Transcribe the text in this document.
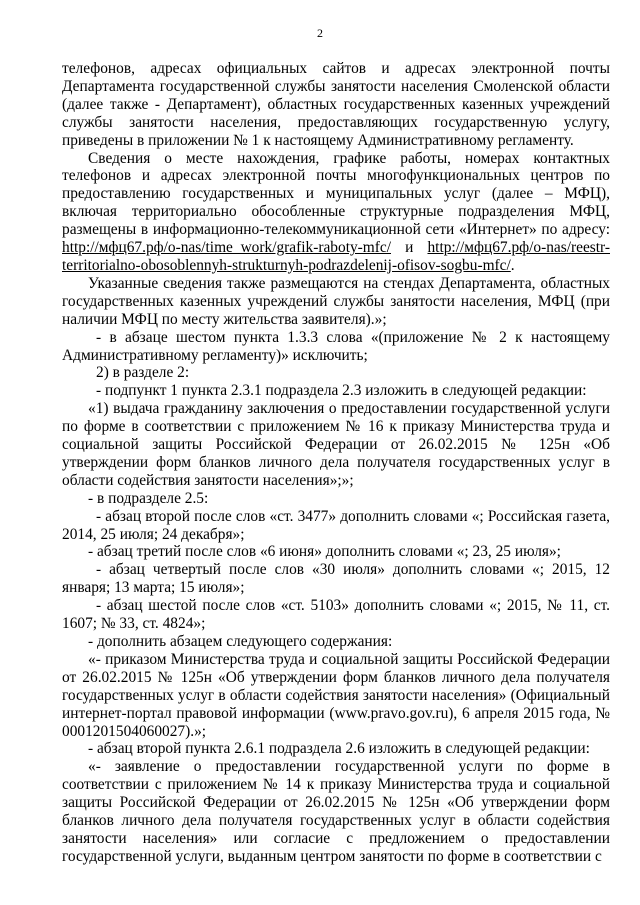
2

телефонов, адресах официальных сайтов и адресах электронной почты Департамента государственной службы занятости населения Смоленской области (далее также - Департамент), областных государственных казенных учреждений службы занятости населения, предоставляющих государственную услугу, приведены в приложении № 1 к настоящему Административному регламенту.

Сведения о месте нахождения, графике работы, номерах контактных телефонов и адресах электронной почты многофункциональных центров по предоставлению государственных и муниципальных услуг (далее – МФЦ), включая территориально обособленные структурные подразделения МФЦ, размещены в информационно-телекоммуникационной сети «Интернет» по адресу: http://мфц67.рф/o-nas/time_work/grafik-raboty-mfc/ и http://мфц67.рф/o-nas/reestr-territorialno-obosoblennyh-strukturnyh-podrazdelenij-ofisov-sogbu-mfc/.

Указанные сведения также размещаются на стендах Департамента, областных государственных казенных учреждений службы занятости населения, МФЦ (при наличии МФЦ по месту жительства заявителя).»;

- в абзаце шестом пункта 1.3.3 слова «(приложение № 2 к настоящему Административному регламенту)» исключить;

2) в разделе 2:

- подпункт 1 пункта 2.3.1 подраздела 2.3 изложить в следующей редакции:

«1) выдача гражданину заключения о предоставлении государственной услуги по форме в соответствии с приложением № 16 к приказу Министерства труда и социальной защиты Российской Федерации от 26.02.2015 № 125н «Об утверждении форм бланков личного дела получателя государственных услуг в области содействия занятости населения»;»;

- в подразделе 2.5:

- абзац второй после слов «ст. 3477» дополнить словами «; Российская газета, 2014, 25 июля; 24 декабря»;

- абзац третий после слов «6 июня» дополнить словами «; 23, 25 июля»;

- абзац четвертый после слов «30 июля» дополнить словами «; 2015, 12 января; 13 марта; 15 июля»;

- абзац шестой после слов «ст. 5103» дополнить словами «; 2015, № 11, ст. 1607; № 33, ст. 4824»;

- дополнить абзацем следующего содержания:

«- приказом Министерства труда и социальной защиты Российской Федерации от 26.02.2015 № 125н «Об утверждении форм бланков личного дела получателя государственных услуг в области содействия занятости населения» (Официальный интернет-портал правовой информации (www.pravo.gov.ru), 6 апреля 2015 года, № 0001201504060027).»;

- абзац второй пункта 2.6.1 подраздела 2.6 изложить в следующей редакции:

«- заявление о предоставлении государственной услуги по форме в соответствии с приложением № 14 к приказу Министерства труда и социальной защиты Российской Федерации от 26.02.2015 № 125н «Об утверждении форм бланков личного дела получателя государственных услуг в области содействия занятости населения» или согласие с предложением о предоставлении государственной услуги, выданным центром занятости по форме в соответствии с
